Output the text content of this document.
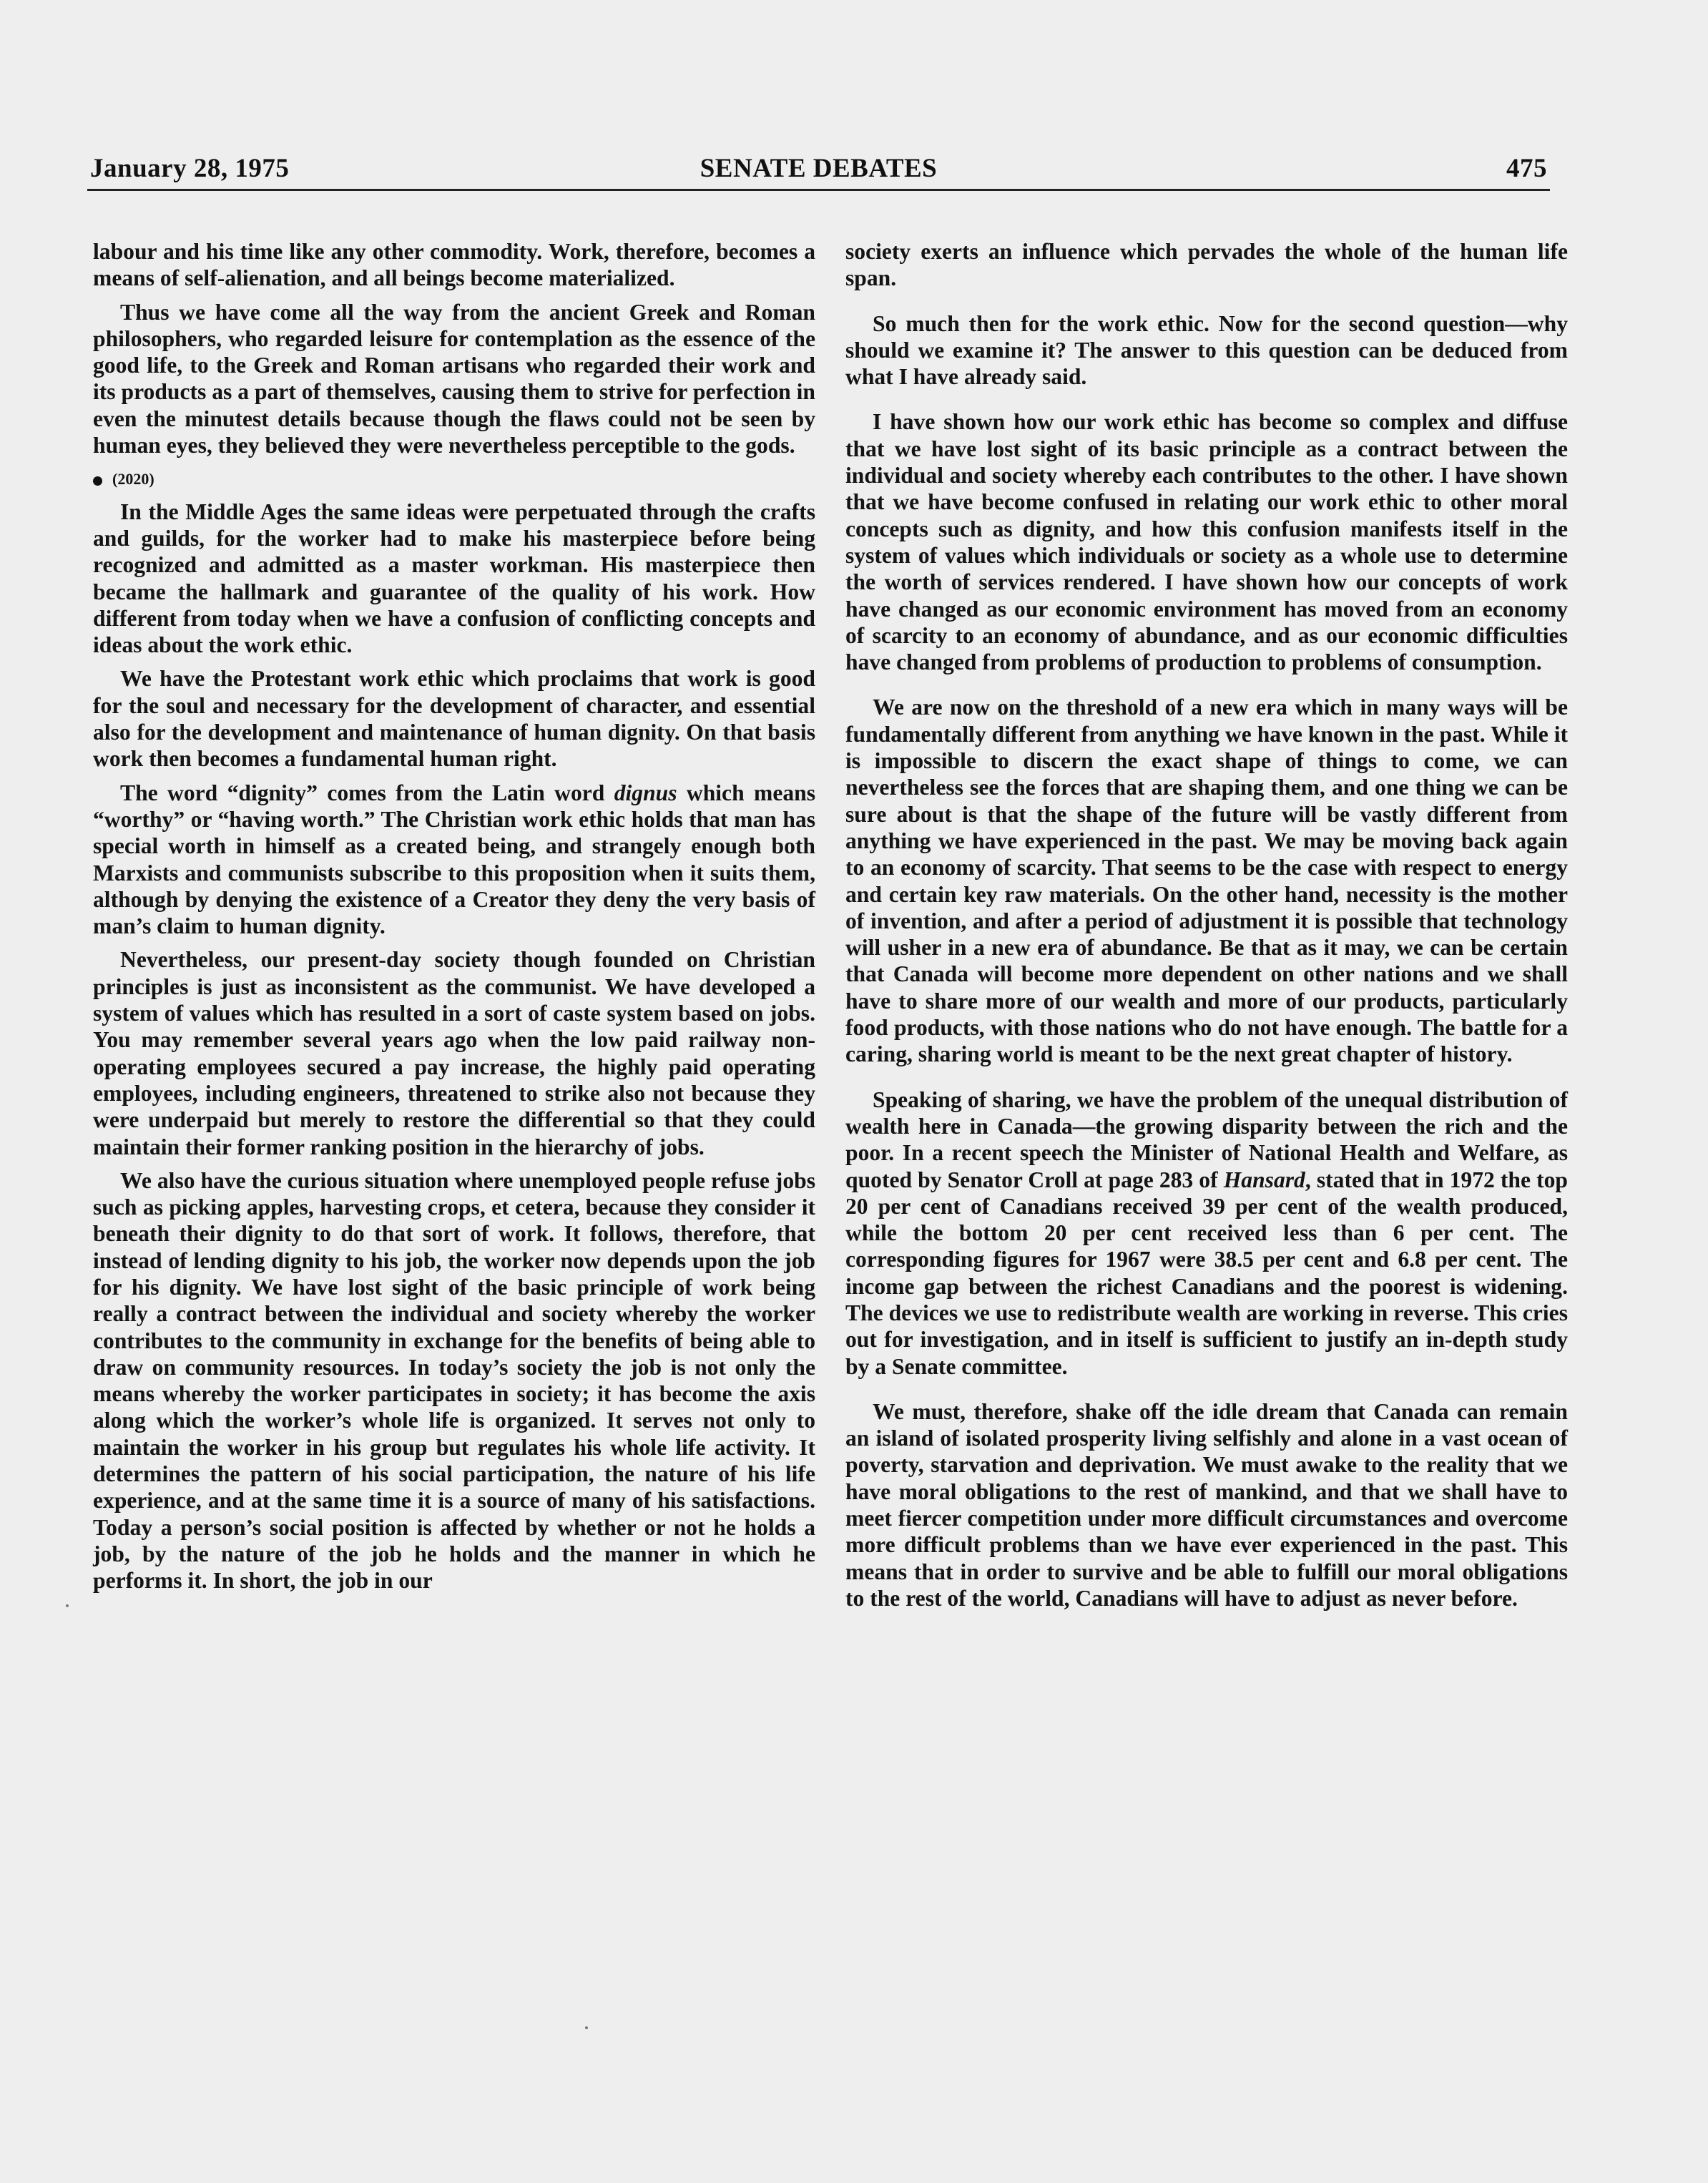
January 28, 1975	SENATE DEBATES	475

labour and his time like any other commodity. Work, therefore, becomes a means of self-alienation, and all beings become materialized.

Thus we have come all the way from the ancient Greek and Roman philosophers, who regarded leisure for contemplation as the essence of the good life, to the Greek and Roman artisans who regarded their work and its products as a part of themselves, causing them to strive for perfection in even the minutest details because though the flaws could not be seen by human eyes, they believed they were nevertheless perceptible to the gods.

(2020)

In the Middle Ages the same ideas were perpetuated through the crafts and guilds, for the worker had to make his masterpiece before being recognized and admitted as a master workman. His masterpiece then became the hallmark and guarantee of the quality of his work. How different from today when we have a confusion of conflicting concepts and ideas about the work ethic.

We have the Protestant work ethic which proclaims that work is good for the soul and necessary for the development of character, and essential also for the development and maintenance of human dignity. On that basis work then becomes a fundamental human right.

The word “dignity” comes from the Latin word dignus which means “worthy” or “having worth.” The Christian work ethic holds that man has special worth in himself as a created being, and strangely enough both Marxists and communists subscribe to this proposition when it suits them, although by denying the existence of a Creator they deny the very basis of man’s claim to human dignity.

Nevertheless, our present-day society though founded on Christian principles is just as inconsistent as the communist. We have developed a system of values which has resulted in a sort of caste system based on jobs. You may remember several years ago when the low paid railway non-operating employees secured a pay increase, the highly paid operating employees, including engineers, threatened to strike also not because they were underpaid but merely to restore the differential so that they could maintain their former ranking position in the hierarchy of jobs.

We also have the curious situation where unemployed people refuse jobs such as picking apples, harvesting crops, et cetera, because they consider it beneath their dignity to do that sort of work. It follows, therefore, that instead of lending dignity to his job, the worker now depends upon the job for his dignity. We have lost sight of the basic principle of work being really a contract between the individual and society whereby the worker contributes to the community in exchange for the benefits of being able to draw on community resources. In today’s society the job is not only the means whereby the worker participates in society; it has become the axis along which the worker’s whole life is organized. It serves not only to maintain the worker in his group but regulates his whole life activity. It determines the pattern of his social participation, the nature of his life experience, and at the same time it is a source of many of his satisfactions. Today a person’s social position is affected by whether or not he holds a job, by the nature of the job he holds and the manner in which he performs it. In short, the job in our

society exerts an influence which pervades the whole of the human life span.

So much then for the work ethic. Now for the second question—why should we examine it? The answer to this question can be deduced from what I have already said.

I have shown how our work ethic has become so complex and diffuse that we have lost sight of its basic principle as a contract between the individual and society whereby each contributes to the other. I have shown that we have become confused in relating our work ethic to other moral concepts such as dignity, and how this confusion manifests itself in the system of values which individuals or society as a whole use to determine the worth of services rendered. I have shown how our concepts of work have changed as our economic environment has moved from an economy of scarcity to an economy of abundance, and as our economic difficulties have changed from problems of production to problems of consumption.

We are now on the threshold of a new era which in many ways will be fundamentally different from anything we have known in the past. While it is impossible to discern the exact shape of things to come, we can nevertheless see the forces that are shaping them, and one thing we can be sure about is that the shape of the future will be vastly different from anything we have experienced in the past. We may be moving back again to an economy of scarcity. That seems to be the case with respect to energy and certain key raw materials. On the other hand, necessity is the mother of invention, and after a period of adjustment it is possible that technology will usher in a new era of abundance. Be that as it may, we can be certain that Canada will become more dependent on other nations and we shall have to share more of our wealth and more of our products, particularly food products, with those nations who do not have enough. The battle for a caring, sharing world is meant to be the next great chapter of history.

Speaking of sharing, we have the problem of the unequal distribution of wealth here in Canada—the growing disparity between the rich and the poor. In a recent speech the Minister of National Health and Welfare, as quoted by Senator Croll at page 283 of Hansard, stated that in 1972 the top 20 per cent of Canadians received 39 per cent of the wealth produced, while the bottom 20 per cent received less than 6 per cent. The corresponding figures for 1967 were 38.5 per cent and 6.8 per cent. The income gap between the richest Canadians and the poorest is widening. The devices we use to redistribute wealth are working in reverse. This cries out for investigation, and in itself is sufficient to justify an in-depth study by a Senate committee.

We must, therefore, shake off the idle dream that Canada can remain an island of isolated prosperity living selfishly and alone in a vast ocean of poverty, starvation and deprivation. We must awake to the reality that we have moral obligations to the rest of mankind, and that we shall have to meet fiercer competition under more difficult circumstances and overcome more difficult problems than we have ever experienced in the past. This means that in order to survive and be able to fulfill our moral obligations to the rest of the world, Canadians will have to adjust as never before.
